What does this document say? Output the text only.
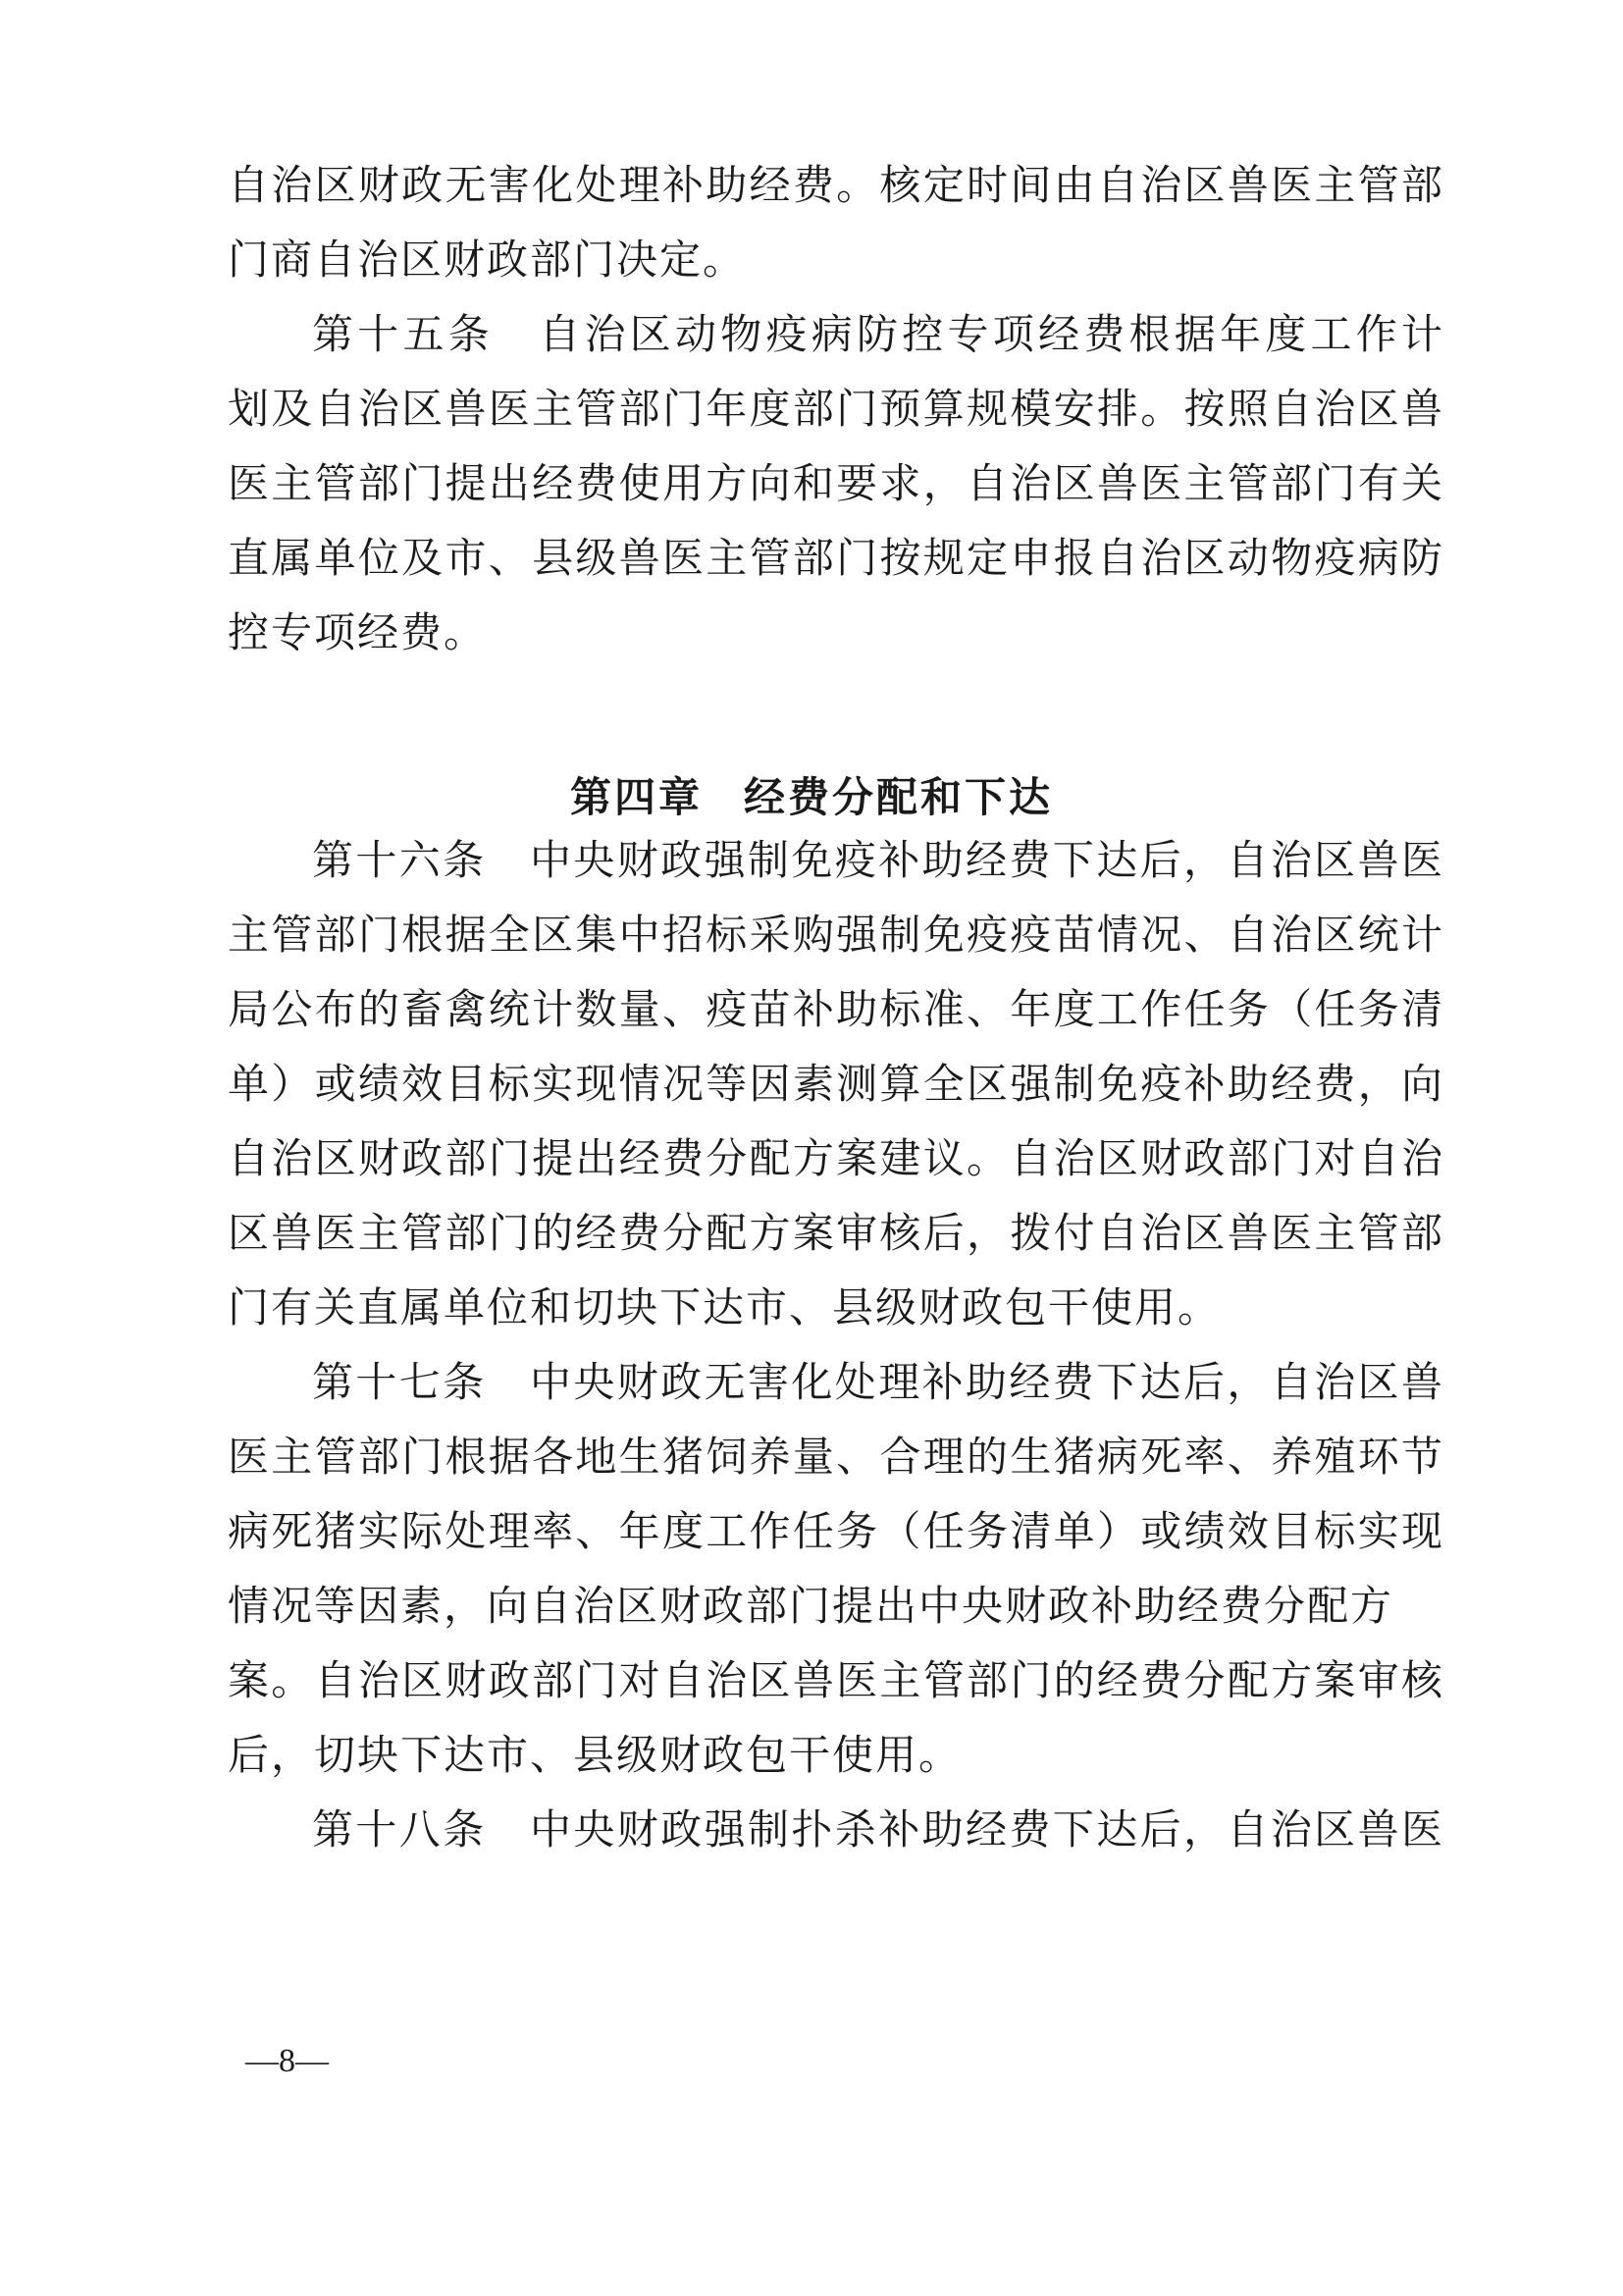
自治区财政无害化处理补助经费。核定时间由自治区兽医主管部
门商自治区财政部门决定。
第十五条　自治区动物疫病防控专项经费根据年度工作计
划及自治区兽医主管部门年度部门预算规模安排。按照自治区兽
医主管部门提出经费使用方向和要求，自治区兽医主管部门有关
直属单位及市、县级兽医主管部门按规定申报自治区动物疫病防
控专项经费。
第四章 经费分配和下达
第十六条　中央财政强制免疫补助经费下达后，自治区兽医
主管部门根据全区集中招标采购强制免疫疫苗情况、自治区统计
局公布的畜禽统计数量、疫苗补助标准、年度工作任务（任务清
单）或绩效目标实现情况等因素测算全区强制免疫补助经费，向
自治区财政部门提出经费分配方案建议。自治区财政部门对自治
区兽医主管部门的经费分配方案审核后，拨付自治区兽医主管部
门有关直属单位和切块下达市、县级财政包干使用。
第十七条　中央财政无害化处理补助经费下达后，自治区兽
医主管部门根据各地生猪饲养量、合理的生猪病死率、养殖环节
病死猪实际处理率、年度工作任务（任务清单）或绩效目标实现
情况等因素，向自治区财政部门提出中央财政补助经费分配方
案。自治区财政部门对自治区兽医主管部门的经费分配方案审核
后，切块下达市、县级财政包干使用。
第十八条　中央财政强制扑杀补助经费下达后，自治区兽医
—8—
